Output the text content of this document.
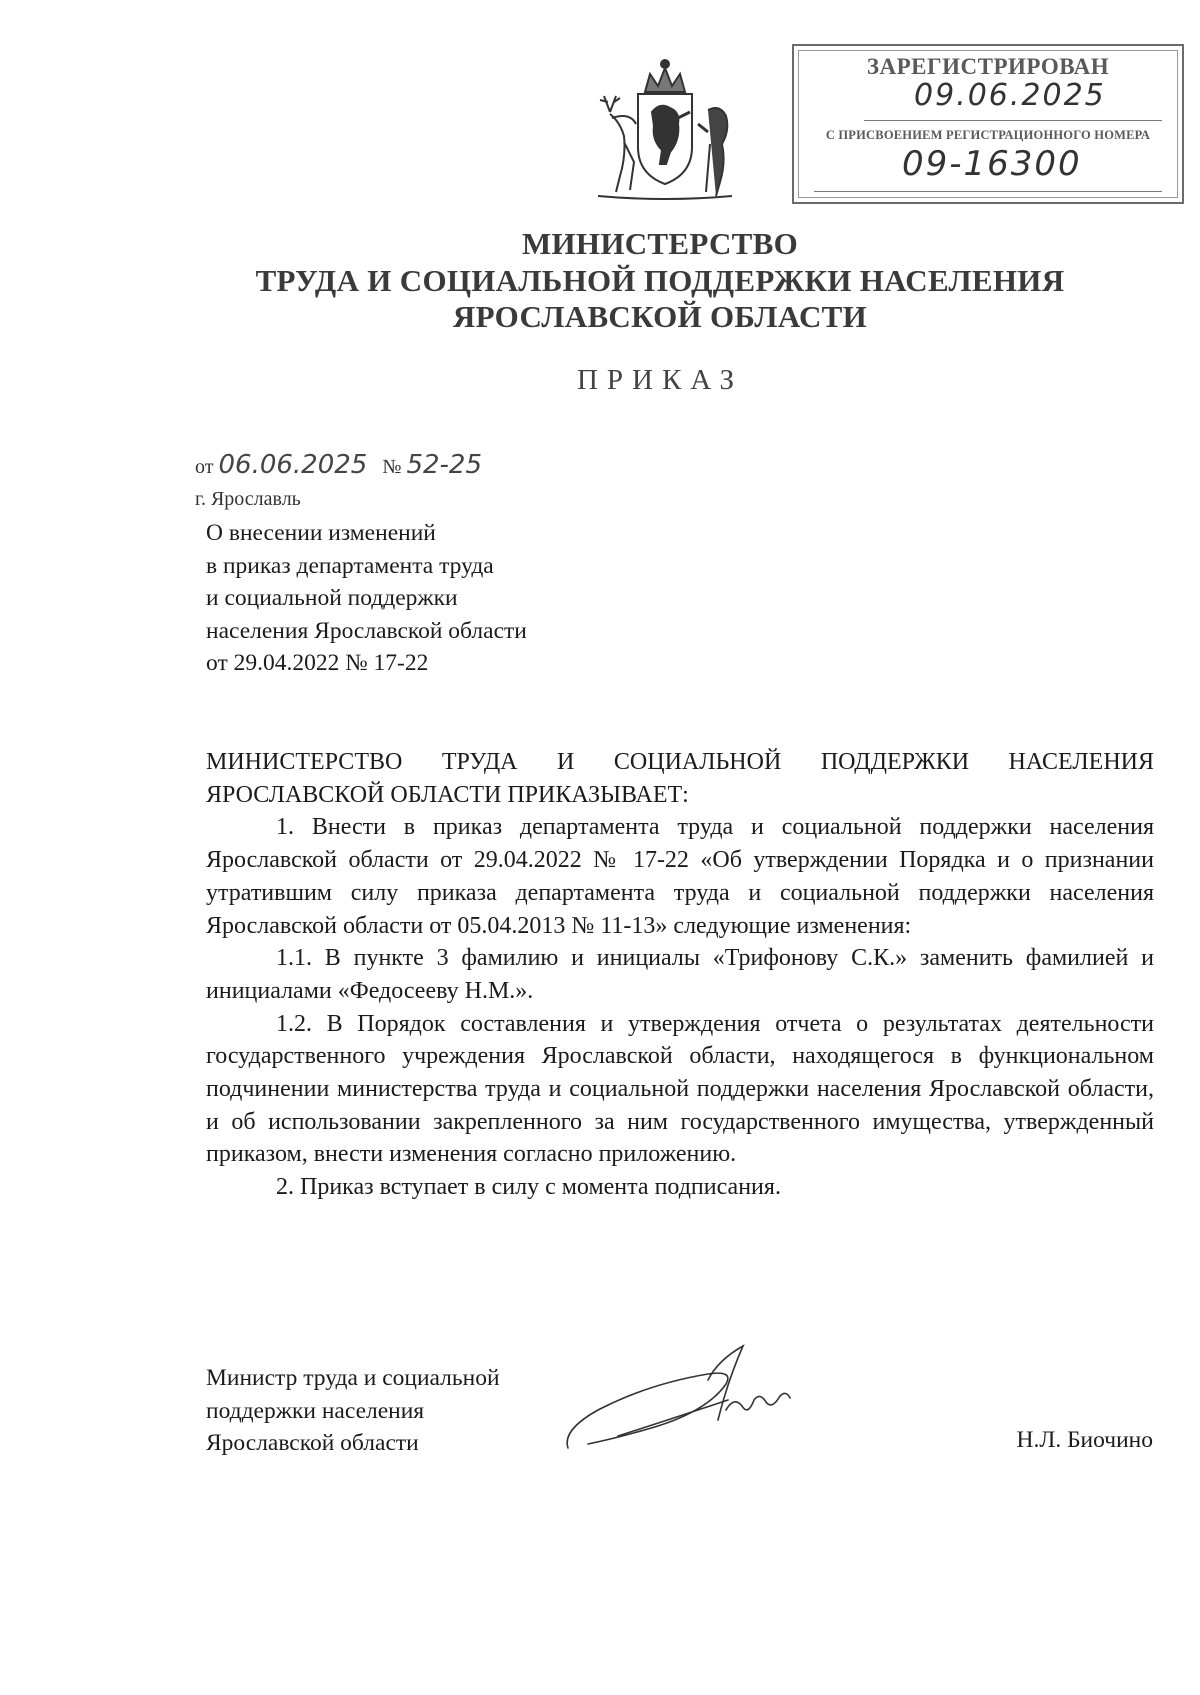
ЗАРЕГИСТРИРОВАН
09.06.2025
С ПРИСВОЕНИЕМ РЕГИСТРАЦИОННОГО НОМЕРА
09-16300
МИНИСТЕРСТВО
ТРУДА И СОЦИАЛЬНОЙ ПОДДЕРЖКИ НАСЕЛЕНИЯ
ЯРОСЛАВСКОЙ ОБЛАСТИ
ПРИКАЗ
от 06.06.2025 № 52-25
г. Ярославль
О внесении изменений
в приказ департамента труда
и социальной поддержки
населения Ярославской области
от 29.04.2022 № 17-22

МИНИСТЕРСТВО ТРУДА И СОЦИАЛЬНОЙ ПОДДЕРЖКИ НАСЕЛЕНИЯ ЯРОСЛАВСКОЙ ОБЛАСТИ ПРИКАЗЫВАЕТ:

1. Внести в приказ департамента труда и социальной поддержки населения Ярославской области от 29.04.2022 № 17-22 «Об утверждении Порядка и о признании утратившим силу приказа департамента труда и социальной поддержки населения Ярославской области от 05.04.2013 № 11-13» следующие изменения:

1.1. В пункте 3 фамилию и инициалы «Трифонову С.К.» заменить фамилией и инициалами «Федосееву Н.М.».

1.2. В Порядок составления и утверждения отчета о результатах деятельности государственного учреждения Ярославской области, находящегося в функциональном подчинении министерства труда и социальной поддержки населения Ярославской области, и об использовании закрепленного за ним государственного имущества, утвержденный приказом, внести изменения согласно приложению.

2. Приказ вступает в силу с момента подписания.

Министр труда и социальной
поддержки населения
Ярославской области	Н.Л. Биочино
